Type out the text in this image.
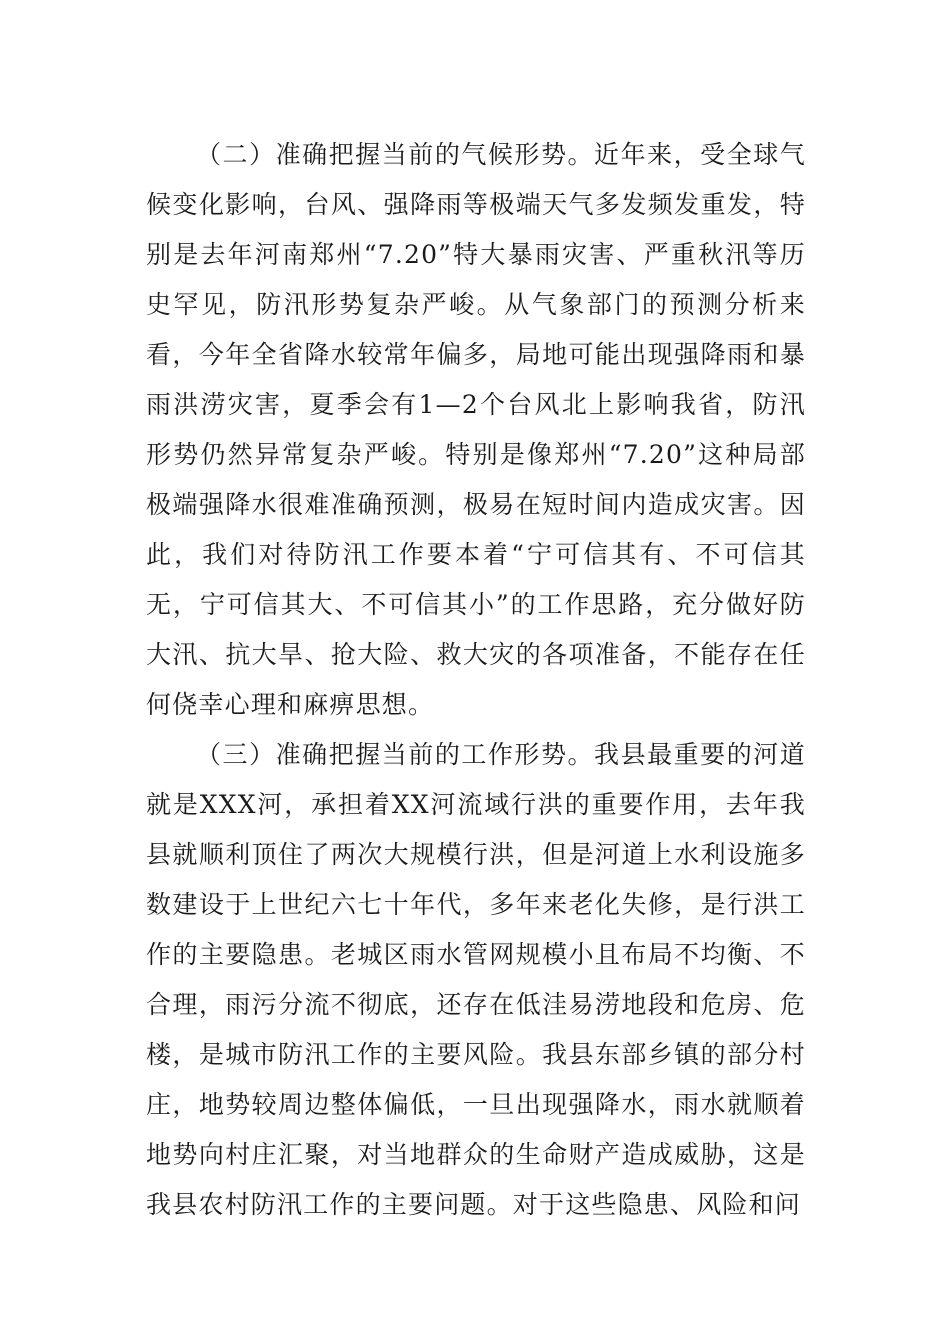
（二）准确把握当前的气候形势。近年来，受全球气候变化影响，台风、强降雨等极端天气多发频发重发，特别是去年河南郑州“7.20”特大暴雨灾害、严重秋汛等历史罕见，防汛形势复杂严峻。从气象部门的预测分析来看，今年全省降水较常年偏多，局地可能出现强降雨和暴雨洪涝灾害，夏季会有1—2个台风北上影响我省，防汛形势仍然异常复杂严峻。特别是像郑州“7.20”这种局部极端强降水很难准确预测，极易在短时间内造成灾害。因此，我们对待防汛工作要本着“宁可信其有、不可信其无，宁可信其大、不可信其小”的工作思路，充分做好防大汛、抗大旱、抢大险、救大灾的各项准备，不能存在任何侥幸心理和麻痹思想。

（三）准确把握当前的工作形势。我县最重要的河道就是XXX河，承担着XX河流域行洪的重要作用，去年我县就顺利顶住了两次大规模行洪，但是河道上水利设施多数建设于上世纪六七十年代，多年来老化失修，是行洪工作的主要隐患。老城区雨水管网规模小且布局不均衡、不合理，雨污分流不彻底，还存在低洼易涝地段和危房、危楼，是城市防汛工作的主要风险。我县东部乡镇的部分村庄，地势较周边整体偏低，一旦出现强降水，雨水就顺着地势向村庄汇聚，对当地群众的生命财产造成威胁，这是我县农村防汛工作的主要问题。对于这些隐患、风险和问
